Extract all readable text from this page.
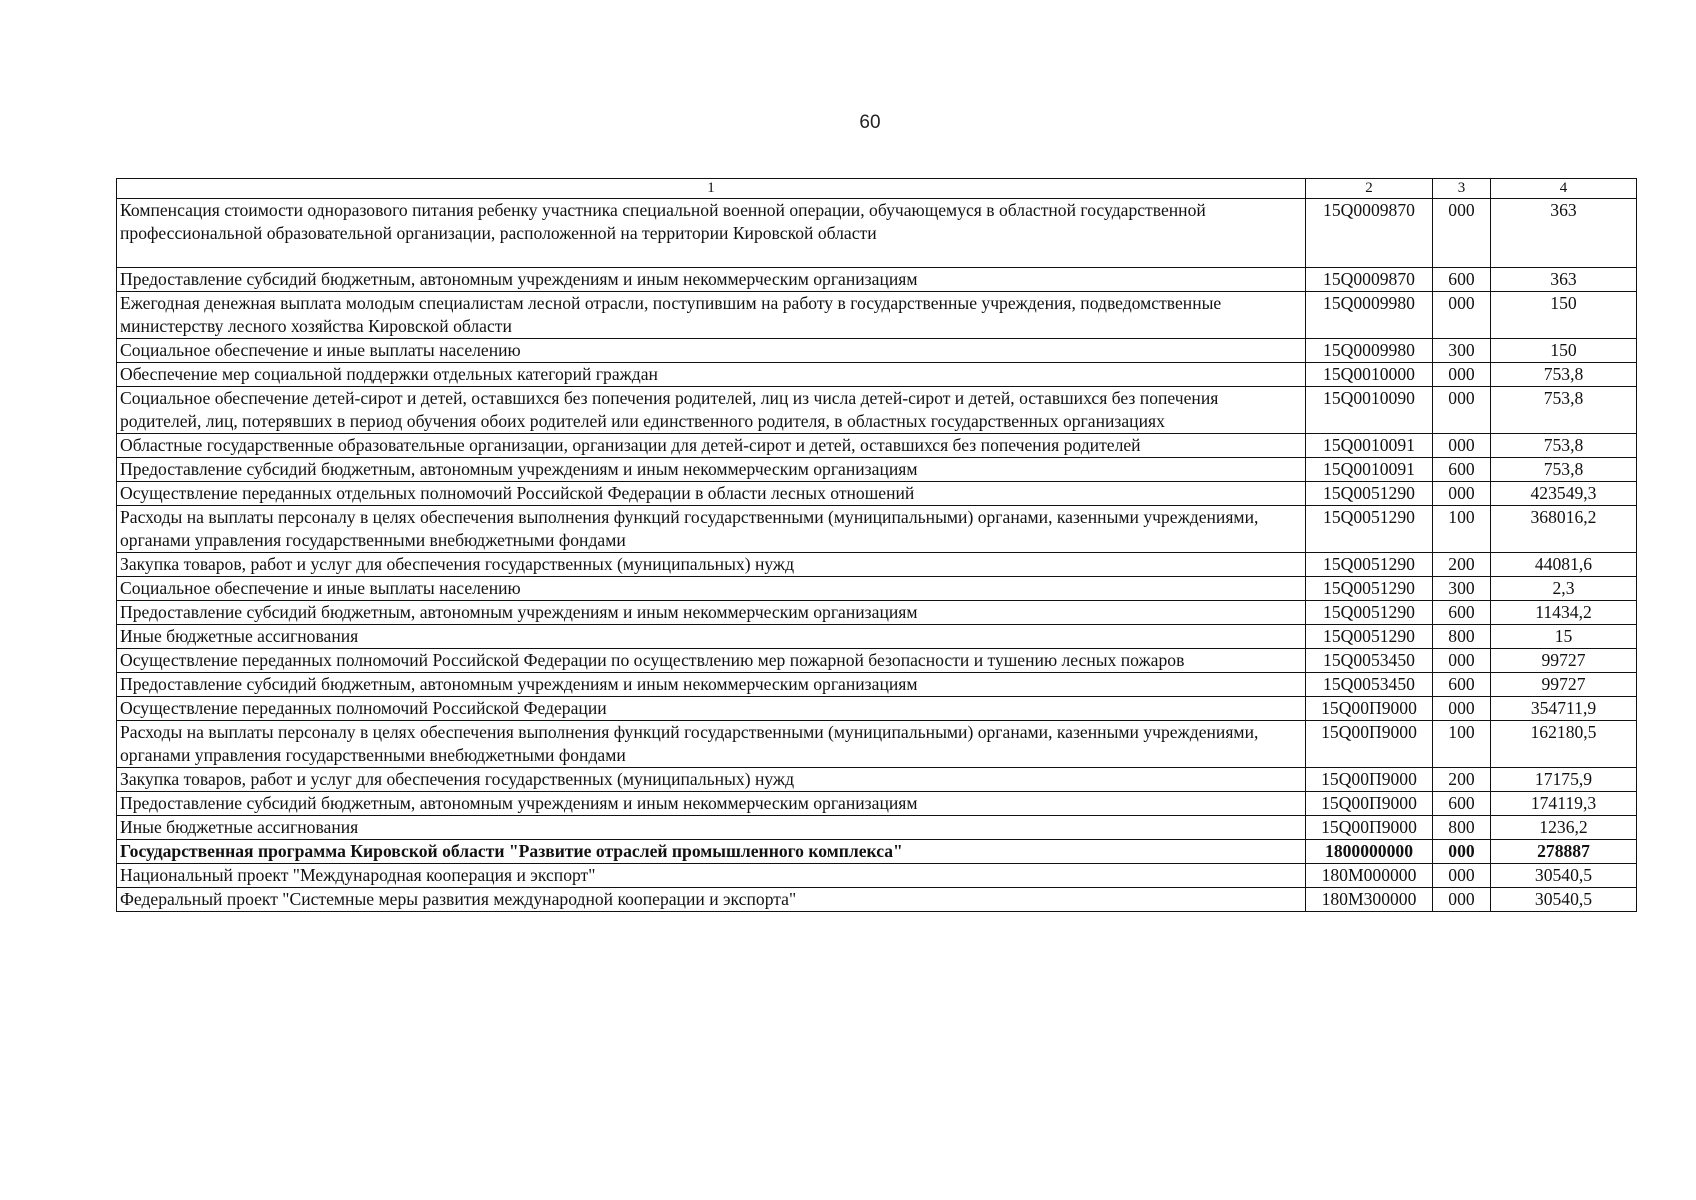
60
1	2	3	4
Компенсация стоимости одноразового питания ребенку участника специальной военной операции, обучающемуся в областной государственной профессиональной образовательной организации, расположенной на территории Кировской области	15Q0009870	000	363
Предоставление субсидий бюджетным, автономным учреждениям и иным некоммерческим организациям	15Q0009870	600	363
Ежегодная денежная выплата молодым специалистам лесной отрасли, поступившим на работу в государственные учреждения, подведомственные министерству лесного хозяйства Кировской области	15Q0009980	000	150
Социальное обеспечение и иные выплаты населению	15Q0009980	300	150
Обеспечение мер социальной поддержки отдельных категорий граждан	15Q0010000	000	753,8
Социальное обеспечение детей-сирот и детей, оставшихся без попечения родителей, лиц из числа детей-сирот и детей, оставшихся без попечения родителей, лиц, потерявших в период обучения обоих родителей или единственного родителя, в областных государственных организациях	15Q0010090	000	753,8
Областные государственные образовательные организации, организации для детей-сирот и детей, оставшихся без попечения родителей	15Q0010091	000	753,8
Предоставление субсидий бюджетным, автономным учреждениям и иным некоммерческим организациям	15Q0010091	600	753,8
Осуществление переданных отдельных полномочий Российской Федерации в области лесных отношений	15Q0051290	000	423549,3
Расходы на выплаты персоналу в целях обеспечения выполнения функций государственными (муниципальными) органами, казенными учреждениями, органами управления государственными внебюджетными фондами	15Q0051290	100	368016,2
Закупка товаров, работ и услуг для обеспечения государственных (муниципальных) нужд	15Q0051290	200	44081,6
Социальное обеспечение и иные выплаты населению	15Q0051290	300	2,3
Предоставление субсидий бюджетным, автономным учреждениям и иным некоммерческим организациям	15Q0051290	600	11434,2
Иные бюджетные ассигнования	15Q0051290	800	15
Осуществление переданных полномочий Российской Федерации по осуществлению мер пожарной безопасности и тушению лесных пожаров	15Q0053450	000	99727
Предоставление субсидий бюджетным, автономным учреждениям и иным некоммерческим организациям	15Q0053450	600	99727
Осуществление переданных полномочий Российской Федерации	15Q00П9000	000	354711,9
Расходы на выплаты персоналу в целях обеспечения выполнения функций государственными (муниципальными) органами, казенными учреждениями, органами управления государственными внебюджетными фондами	15Q00П9000	100	162180,5
Закупка товаров, работ и услуг для обеспечения государственных (муниципальных) нужд	15Q00П9000	200	17175,9
Предоставление субсидий бюджетным, автономным учреждениям и иным некоммерческим организациям	15Q00П9000	600	174119,3
Иные бюджетные ассигнования	15Q00П9000	800	1236,2
Государственная программа Кировской области "Развитие отраслей промышленного комплекса"	1800000000	000	278887
Национальный проект "Международная кооперация и экспорт"	180M000000	000	30540,5
Федеральный проект "Системные меры развития международной кооперации и экспорта"	180M300000	000	30540,5
